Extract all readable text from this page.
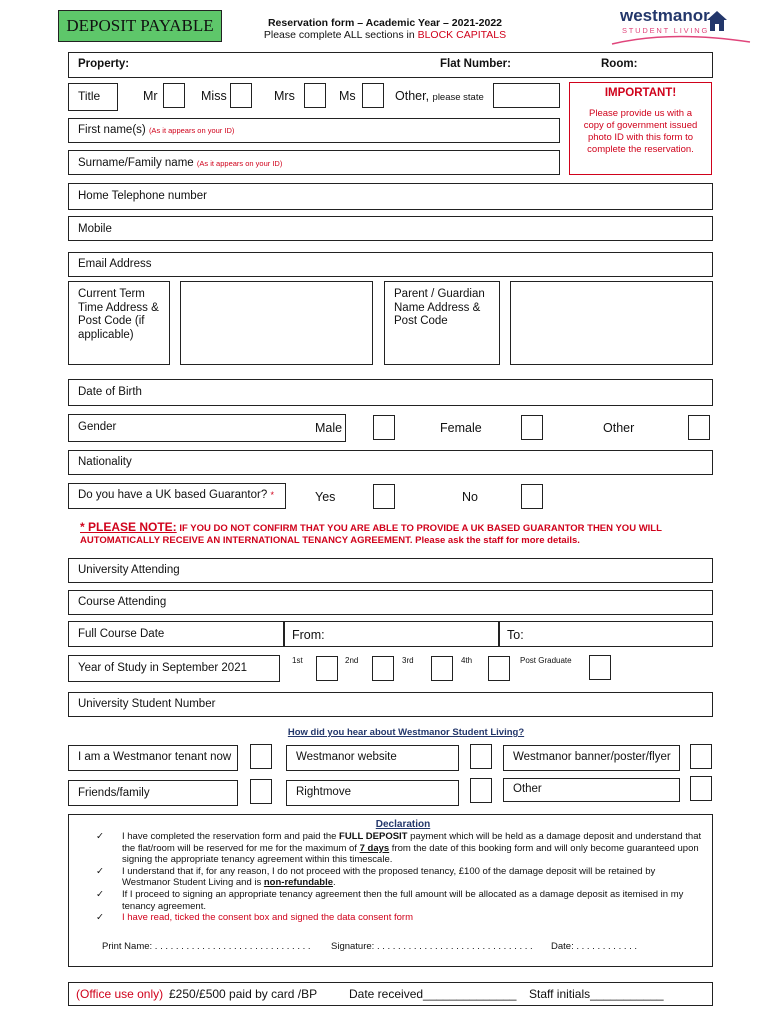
DEPOSIT PAYABLE	Reservation form – Academic Year – 2021-2022
Please complete ALL sections in BLOCK CAPITALS
westmanor
STUDENT LIVING
Property:	Flat Number:	Room:
Title	Mr	Miss	Mrs	Ms	Other, please state	IMPORTANT!
Please provide us with a copy of government issued photo ID with this form to complete the reservation.
First name(s) (As it appears on your ID)
Surname/Family name (As it appears on your ID)
Home Telephone number
Mobile
Email Address
Current Term Time Address & Post Code (if applicable)
Parent / Guardian Name Address & Post Code
Date of Birth
Gender	Male	Female	Other
Nationality
Do you have a UK based Guarantor? *	Yes	No
* PLEASE NOTE: IF YOU DO NOT CONFIRM THAT YOU ARE ABLE TO PROVIDE A UK BASED GUARANTOR THEN YOU WILL AUTOMATICALLY RECEIVE AN INTERNATIONAL TENANCY AGREEMENT. Please ask the staff for more details.
University Attending
Course Attending
Full Course Date	From:	To:
Year of Study in September 2021
1st	2nd	3rd	4th	Post Graduate
University Student Number
How did you hear about Westmanor Student Living?
I am a Westmanor tenant now	Westmanor website	Westmanor banner/poster/flyer
Friends/family	Rightmove	Other
Declaration
✓ I have completed the reservation form and paid the FULL DEPOSIT payment which will be held as a damage deposit and understand that the flat/room will be reserved for me for the maximum of 7 days from the date of this booking form and will only become guaranteed upon signing the appropriate tenancy agreement within this timescale.
✓ I understand that if, for any reason, I do not proceed with the proposed tenancy, £100 of the damage deposit will be retained by Westmanor Student Living and is non-refundable.
✓ If I proceed to signing an appropriate tenancy agreement then the full amount will be allocated as a damage deposit as itemised in my tenancy agreement.
✓ I have read, ticked the consent box and signed the data consent form
Print Name: . . . . . . . . . . . . . . . . . . . . . . . . . . . . . . Signature: . . . . . . . . . . . . . . . . . . . . . . . . . . . . . . Date: . . . . . . . . . . . .
(Office use only) £250/£500 paid by card /BP	Date received______________ Staff initials___________
